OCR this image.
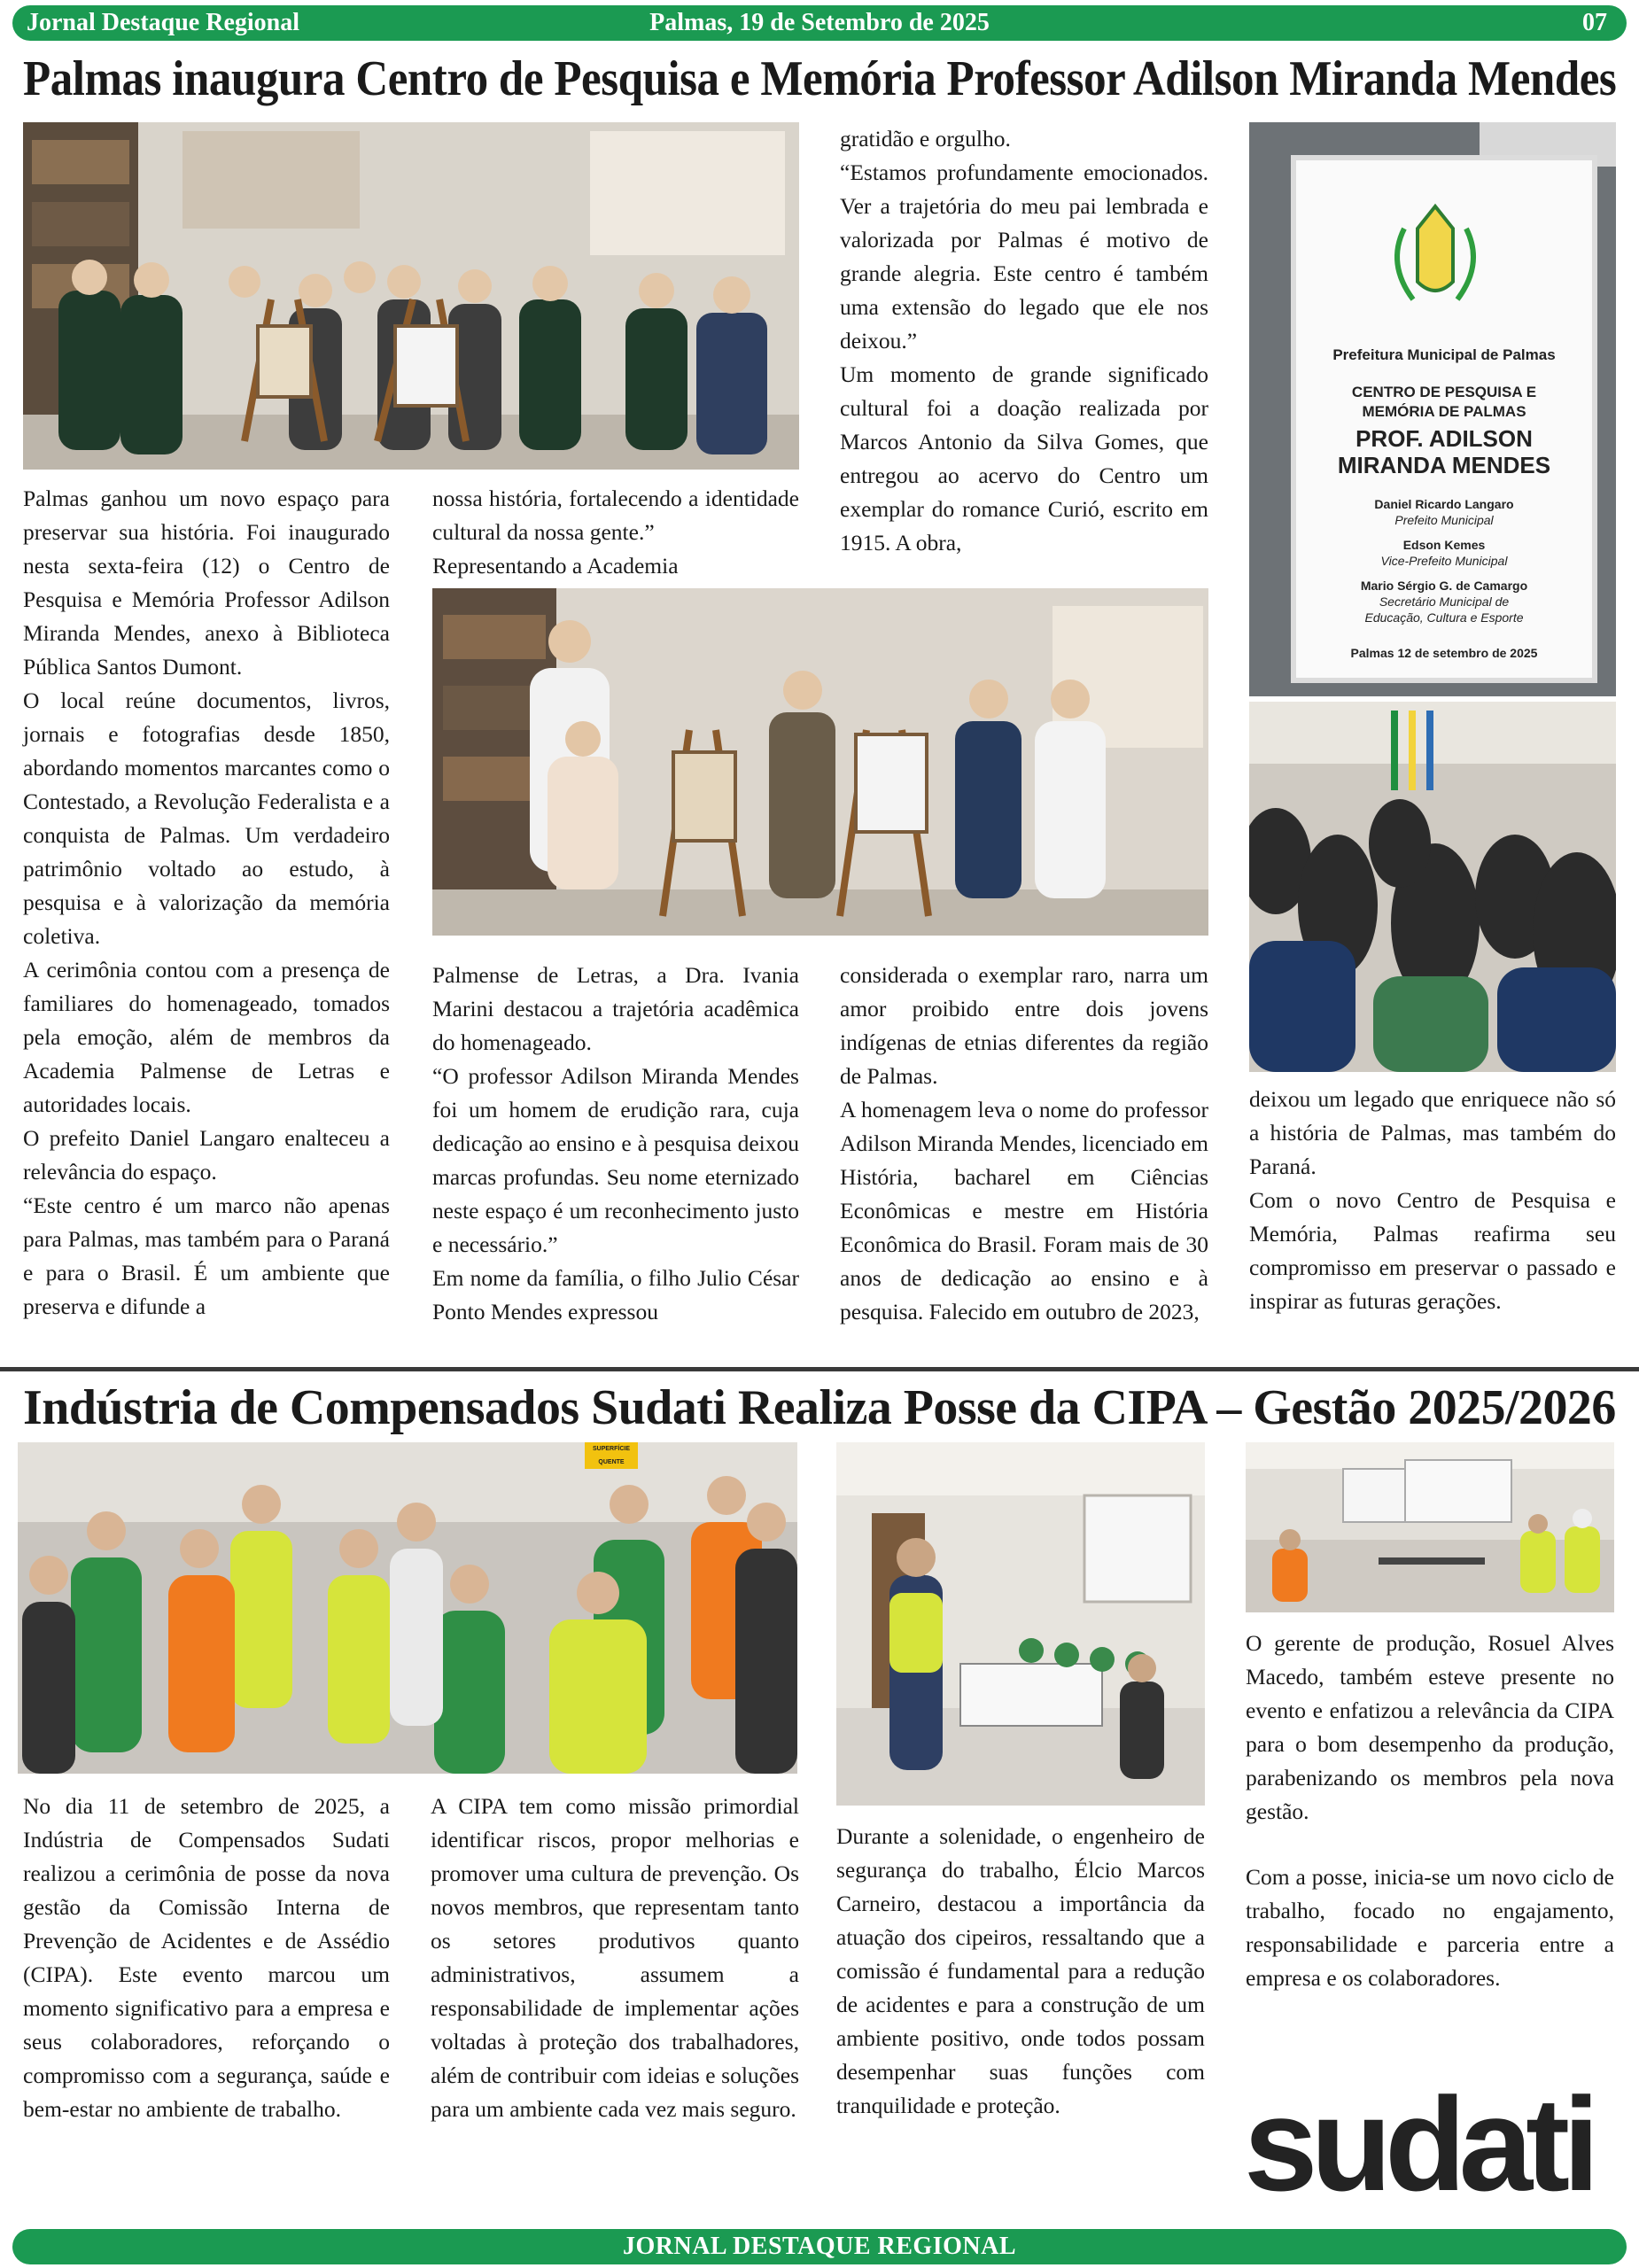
Jornal Destaque Regional	Palmas, 19 de Setembro de 2025	07
Palmas inaugura Centro de Pesquisa e Memória Professor Adilson Miranda Mendes

Palmas ganhou um novo espaço para preservar sua história. Foi inaugurado nesta sexta-feira (12) o Centro de Pesquisa e Memória Professor Adilson Miranda Mendes, anexo à Biblioteca Pública Santos Dumont.

O local reúne documentos, livros, jornais e fotografias desde 1850, abordando momentos marcantes como o Contestado, a Revolução Federalista e a conquista de Palmas. Um verdadeiro patrimônio voltado ao estudo, à pesquisa e à valorização da memória coletiva.

A cerimônia contou com a presença de familiares do homenageado, tomados pela emoção, além de membros da Academia Palmense de Letras e autoridades locais.

O prefeito Daniel Langaro enalteceu a relevância do espaço.

“Este centro é um marco não apenas para Palmas, mas também para o Paraná e para o Brasil. É um ambiente que preserva e difunde a

nossa história, fortalecendo a identidade cultural da nossa gente.”

Representando a Academia

Palmense de Letras, a Dra. Ivania Marini destacou a trajetória acadêmica do homenageado.

“O professor Adilson Miranda Mendes foi um homem de erudição rara, cuja dedicação ao ensino e à pesquisa deixou marcas profundas. Seu nome eternizado neste espaço é um reconhecimento justo e necessário.”

Em nome da família, o filho Julio César Ponto Mendes expressou

gratidão e orgulho.

“Estamos profundamente emocionados. Ver a trajetória do meu pai lembrada e valorizada por Palmas é motivo de grande alegria. Este centro é também uma extensão do legado que ele nos deixou.”

Um momento de grande significado cultural foi a doação realizada por Marcos Antonio da Silva Gomes, que entregou ao acervo do Centro um exemplar do romance Curió, escrito em 1915. A obra,

considerada o exemplar raro, narra um amor proibido entre dois jovens indígenas de etnias diferentes da região de Palmas.

A homenagem leva o nome do professor Adilson Miranda Mendes, licenciado em História, bacharel em Ciências Econômicas e mestre em História Econômica do Brasil. Foram mais de 30 anos de dedicação ao ensino e à pesquisa. Falecido em outubro de 2023,

Prefeitura Municipal de Palmas
CENTRO DE PESQUISA E MEMÓRIA DE PALMAS
PROF. ADILSON
MIRANDA MENDES
Daniel Ricardo Langaro
Prefeito Municipal
Edson Kemes
Vice-Prefeito Municipal
Mario Sérgio G. de Camargo
Secretário Municipal de
Educação, Cultura e Esporte
Palmas 12 de setembro de 2025

deixou um legado que enriquece não só a história de Palmas, mas também do Paraná.

Com o novo Centro de Pesquisa e Memória, Palmas reafirma seu compromisso em preservar o passado e inspirar as futuras gerações.

Indústria de Compensados Sudati Realiza Posse da CIPA – Gestão 2025/2026
SUPERFÍCIE QUENTE

No dia 11 de setembro de 2025, a Indústria de Compensados Sudati realizou a cerimônia de posse da nova gestão da Comissão Interna de Prevenção de Acidentes e de Assédio (CIPA). Este evento marcou um momento significativo para a empresa e seus colaboradores, reforçando o compromisso com a segurança, saúde e bem-estar no ambiente de trabalho.

A CIPA tem como missão primordial identificar riscos, propor melhorias e promover uma cultura de prevenção. Os novos membros, que representam tanto os setores produtivos quanto administrativos, assumem a responsabilidade de implementar ações voltadas à proteção dos trabalhadores, além de contribuir com ideias e soluções para um ambiente cada vez mais seguro.

Durante a solenidade, o engenheiro de segurança do trabalho, Élcio Marcos Carneiro, destacou a importância da atuação dos cipeiros, ressaltando que a comissão é fundamental para a redução de acidentes e para a construção de um ambiente positivo, onde todos possam desempenhar suas funções com tranquilidade e proteção.

O gerente de produção, Rosuel Alves Macedo, também esteve presente no evento e enfatizou a relevância da CIPA para o bom desempenho da produção, parabenizando os membros pela nova gestão.

Com a posse, inicia-se um novo ciclo de trabalho, focado no engajamento, responsabilidade e parceria entre a empresa e os colaboradores.

sudati
JORNAL DESTAQUE REGIONAL
